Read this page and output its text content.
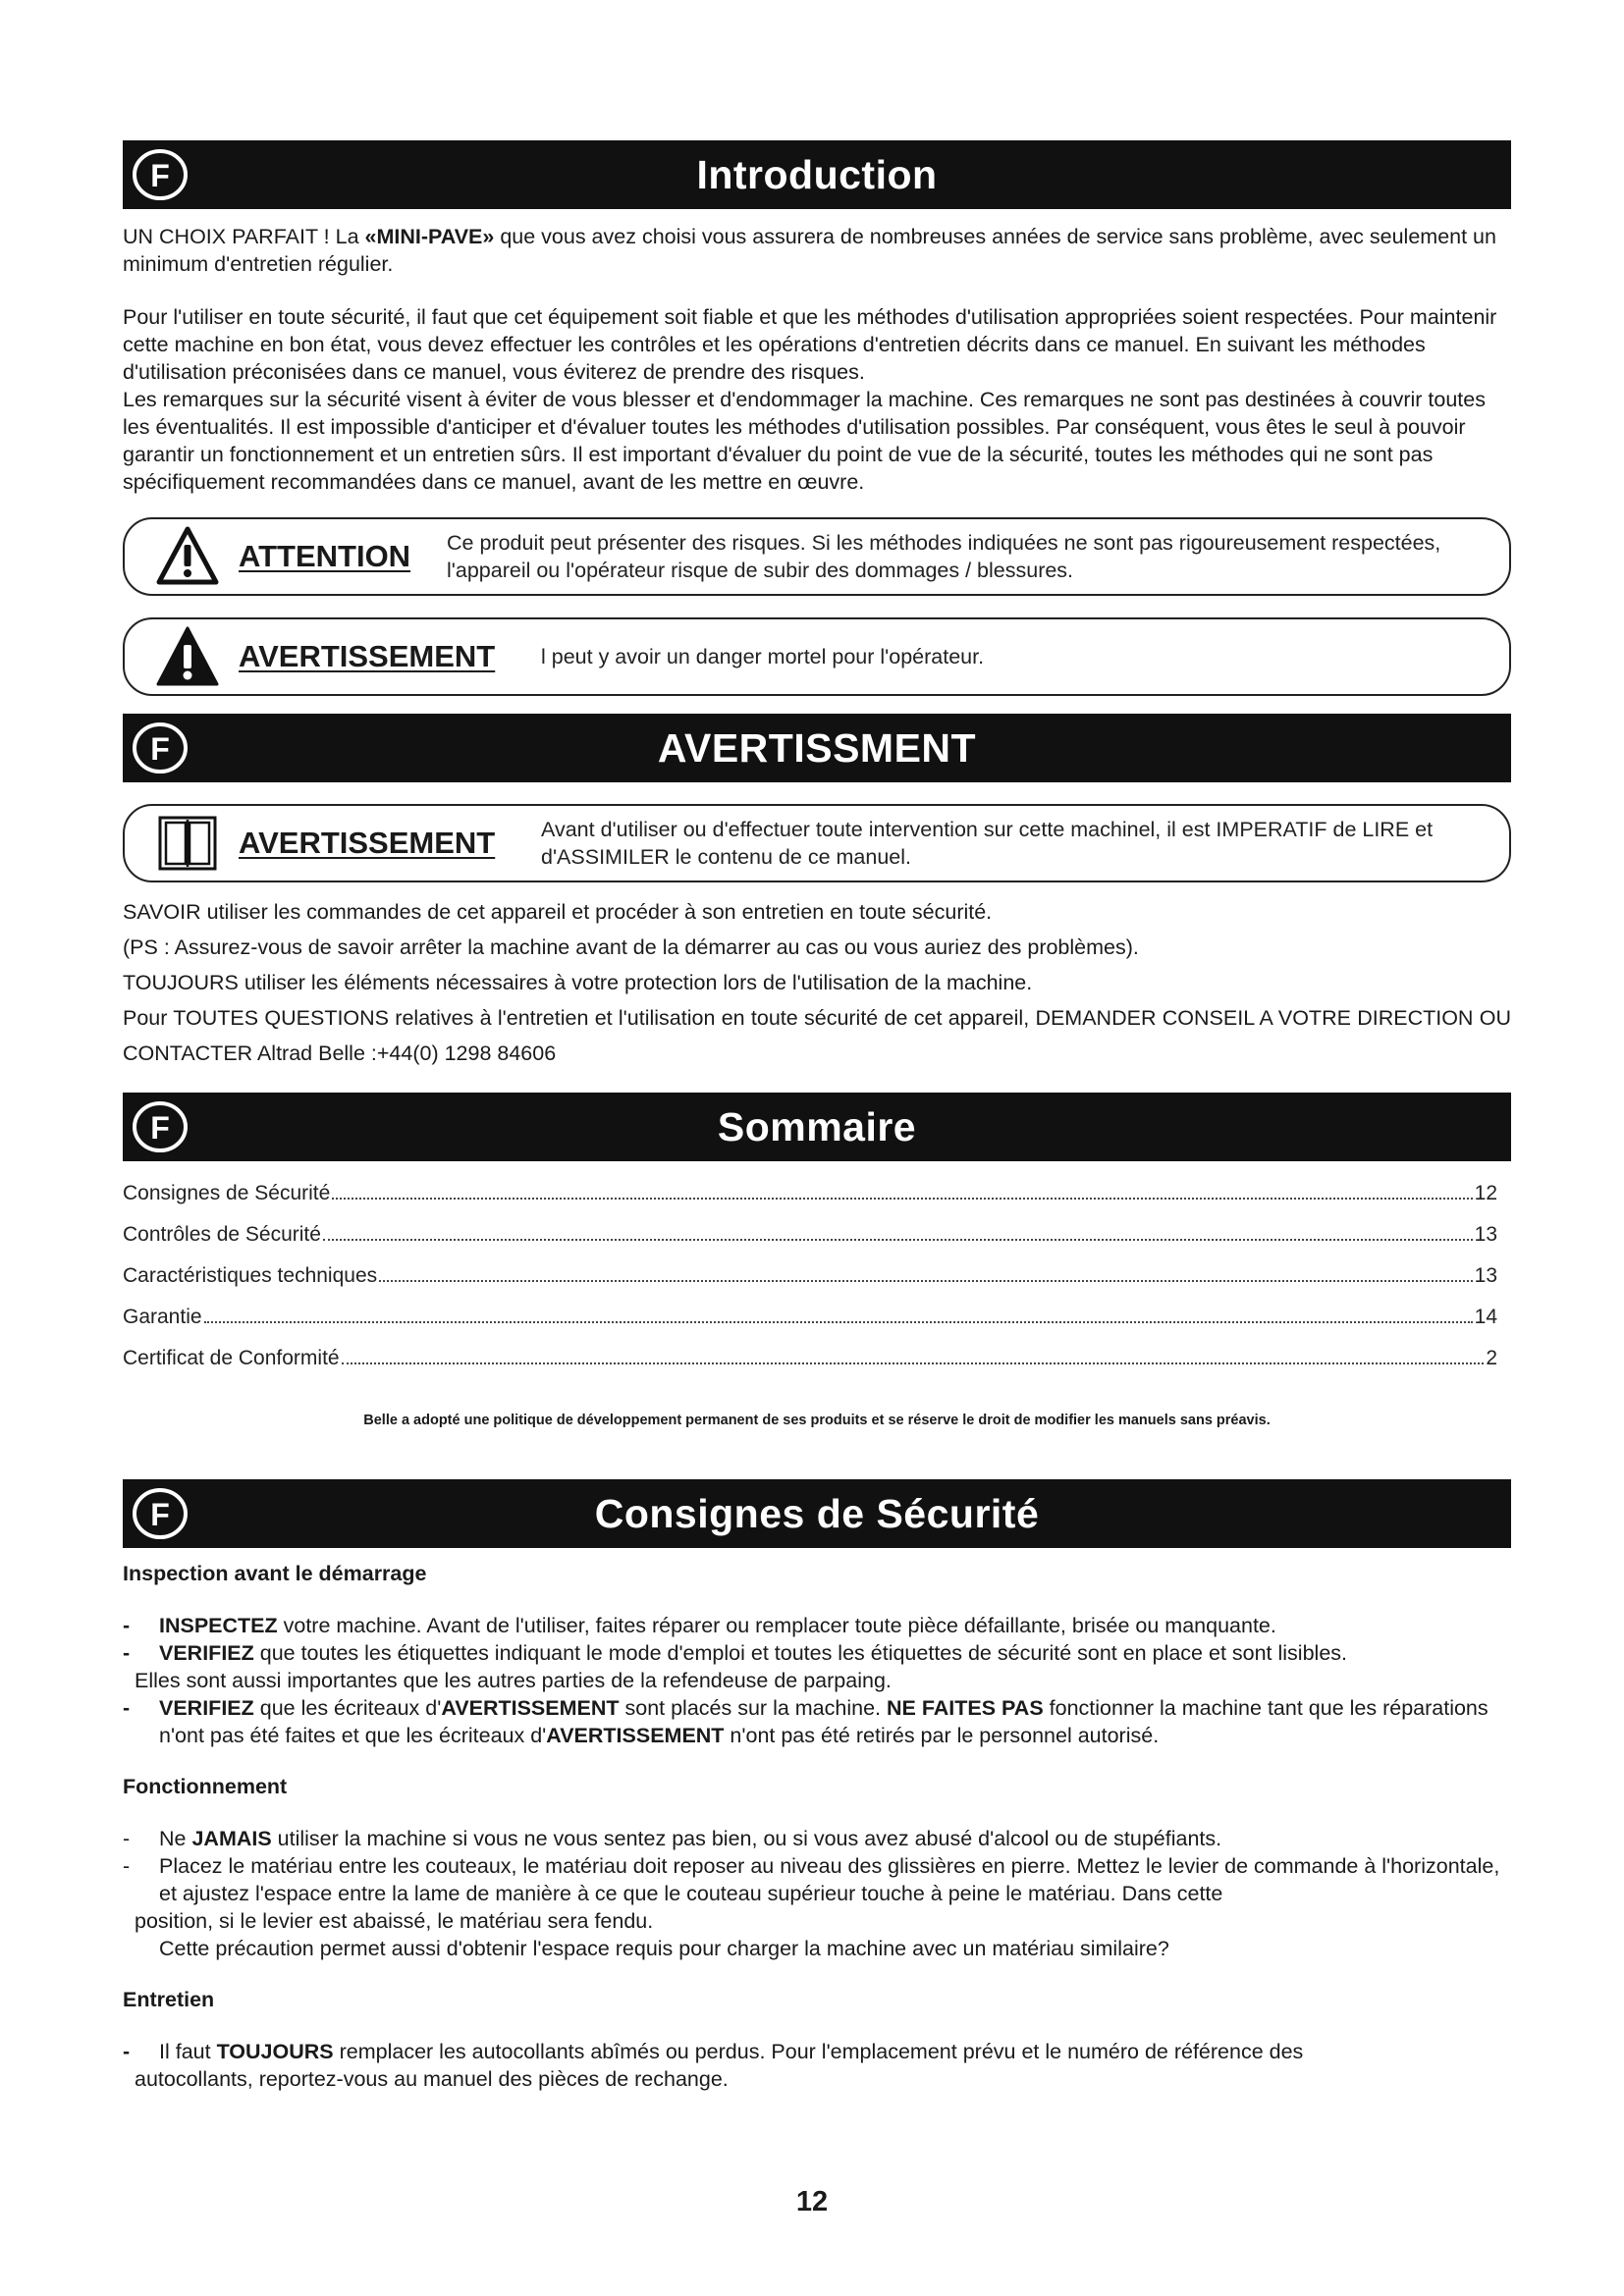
F	Introduction

UN CHOIX PARFAIT ! La «MINI-PAVE» que vous avez choisi vous assurera de nombreuses années de service sans problème, avec seulement un minimum d'entretien régulier.

Pour l'utiliser en toute sécurité, il faut que cet équipement soit fiable et que les méthodes d'utilisation appropriées soient respectées. Pour maintenir cette machine en bon état, vous devez effectuer les contrôles et les opérations d'entretien décrits dans ce manuel. En suivant les méthodes d'utilisation préconisées dans ce manuel, vous éviterez de prendre des risques.

Les remarques sur la sécurité visent à éviter de vous blesser et d'endommager la machine. Ces remarques ne sont pas destinées à couvrir toutes les éventualités. Il est impossible d'anticiper et d'évaluer toutes les méthodes d'utilisation possibles. Par conséquent, vous êtes le seul à pouvoir garantir un fonctionnement et un entretien sûrs. Il est important d'évaluer du point de vue de la sécurité, toutes les méthodes qui ne sont pas spécifiquement recommandées dans ce manuel, avant de les mettre en œuvre.

ATTENTION Ce produit peut présenter des risques. Si les méthodes indiquées ne sont pas rigoureusement respectées, l'appareil ou l'opérateur risque de subir des dommages / blessures.
AVERTISSEMENT l peut y avoir un danger mortel pour l'opérateur.
F	AVERTISSMENT
AVERTISSEMENT Avant d'utiliser ou d'effectuer toute intervention sur cette machinel, il est IMPERATIF de LIRE et d'ASSIMILER le contenu de ce manuel.

SAVOIR utiliser les commandes de cet appareil et procéder à son entretien en toute sécurité.

(PS : Assurez-vous de savoir arrêter la machine avant de la démarrer au cas ou vous auriez des problèmes).

TOUJOURS utiliser les éléments nécessaires à votre protection lors de l'utilisation de la machine.

Pour TOUTES QUESTIONS relatives à l'entretien et l'utilisation en toute sécurité de cet appareil, DEMANDER CONSEIL A VOTRE DIRECTION OU CONTACTER Altrad Belle :+44(0) 1298 84606

F	Sommaire
Consignes de Sécurité	12
Contrôles de Sécurité	13
Caractéristiques techniques	13
Garantie	14
Certificat de Conformité	2

Belle a adopté une politique de développement permanent de ses produits et se réserve le droit de modifier les manuels sans préavis.

F	Consignes de Sécurité
Inspection avant le démarrage
- INSPECTEZ votre machine. Avant de l'utiliser, faites réparer ou remplacer toute pièce défaillante, brisée ou manquante.
- VERIFIEZ que toutes les étiquettes indiquant le mode d'emploi et toutes les étiquettes de sécurité sont en place et sont lisibles.
Elles sont aussi importantes que les autres parties de la refendeuse de parpaing.
- VERIFIEZ que les écriteaux d'AVERTISSEMENT sont placés sur la machine. NE FAITES PAS fonctionner la machine tant que les réparations n'ont pas été faites et que les écriteaux d'AVERTISSEMENT n'ont pas été retirés par le personnel autorisé.
Fonctionnement
- Ne JAMAIS utiliser la machine si vous ne vous sentez pas bien, ou si vous avez abusé d'alcool ou de stupéfiants.
- Placez le matériau entre les couteaux, le matériau doit reposer au niveau des glissières en pierre. Mettez le levier de commande à l'horizontale, et ajustez l'espace entre la lame de manière à ce que le couteau supérieur touche à peine le matériau. Dans cette
position, si le levier est abaissé, le matériau sera fendu.
Cette précaution permet aussi d'obtenir l'espace requis pour charger la machine avec un matériau similaire?
Entretien
- Il faut TOUJOURS remplacer les autocollants abîmés ou perdus. Pour l'emplacement prévu et le numéro de référence des
autocollants, reportez-vous au manuel des pièces de rechange.
12
